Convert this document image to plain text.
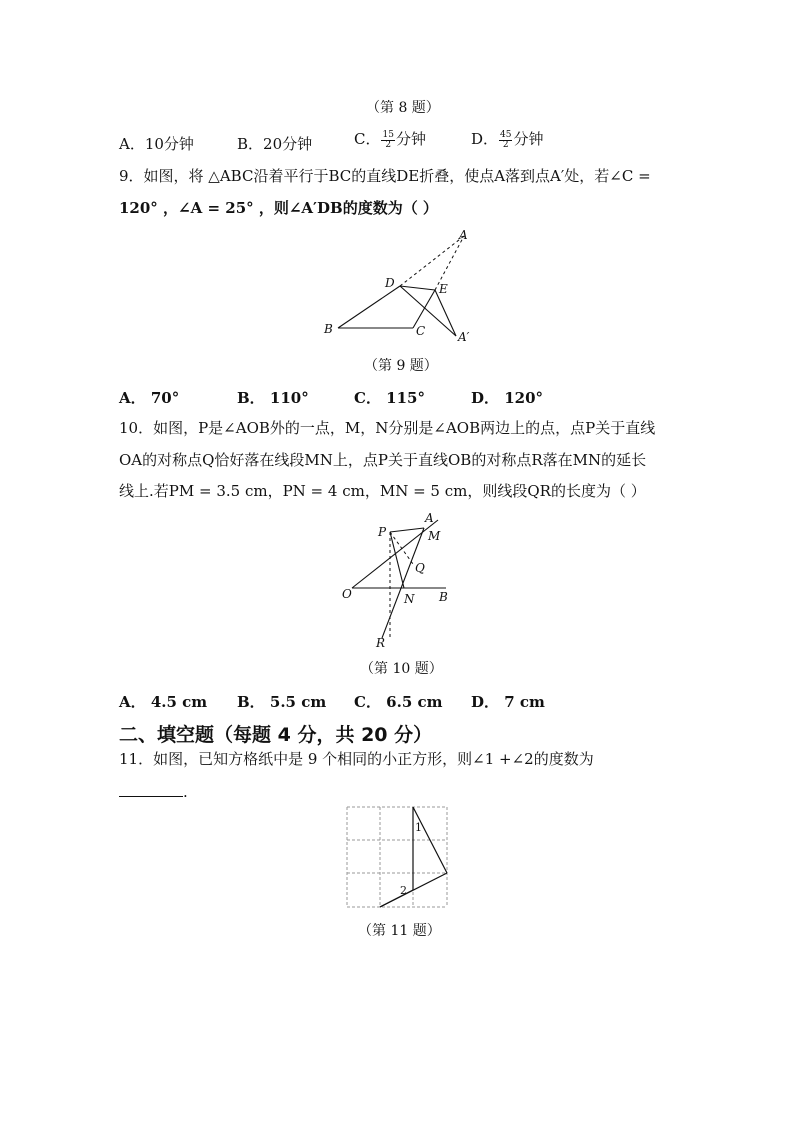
（第 8 题）
A．10分钟	B．20分钟	C． $\frac{15}{2}$ 分钟	D． $\frac{45}{2}$ 分钟
9．如图，将 △ABC沿着平行于BC的直线DE折叠，使点A落到点A′处，若∠C =
120° ，∠A = 25° ，则∠A′DB的度数为（ ）
A
D	E
B	C	A′
（第 9 题）
A． 70°	B． 110°	C． 115°	D． 120°
10．如图，P是∠AOB外的一点，M，N分别是∠AOB两边上的点，点P关于直线
OA的对称点Q恰好落在线段MN上，点P关于直线OB的对称点R落在MN的延长
线上.若PM = 3.5 cm，PN = 4 cm，MN = 5 cm，则线段QR的长度为（ ）
P
A
M
Q
O	N B
R
（第 10 题）
A． 4.5 cm B． 5.5 cm C． 6.5 cm D． 7 cm
二、填空题（每题 4 分，共 20 分）
11．如图，已知方格纸中是 9 个相同的小正方形，则∠1 +∠2的度数为
.
1
2
（第 11 题）
